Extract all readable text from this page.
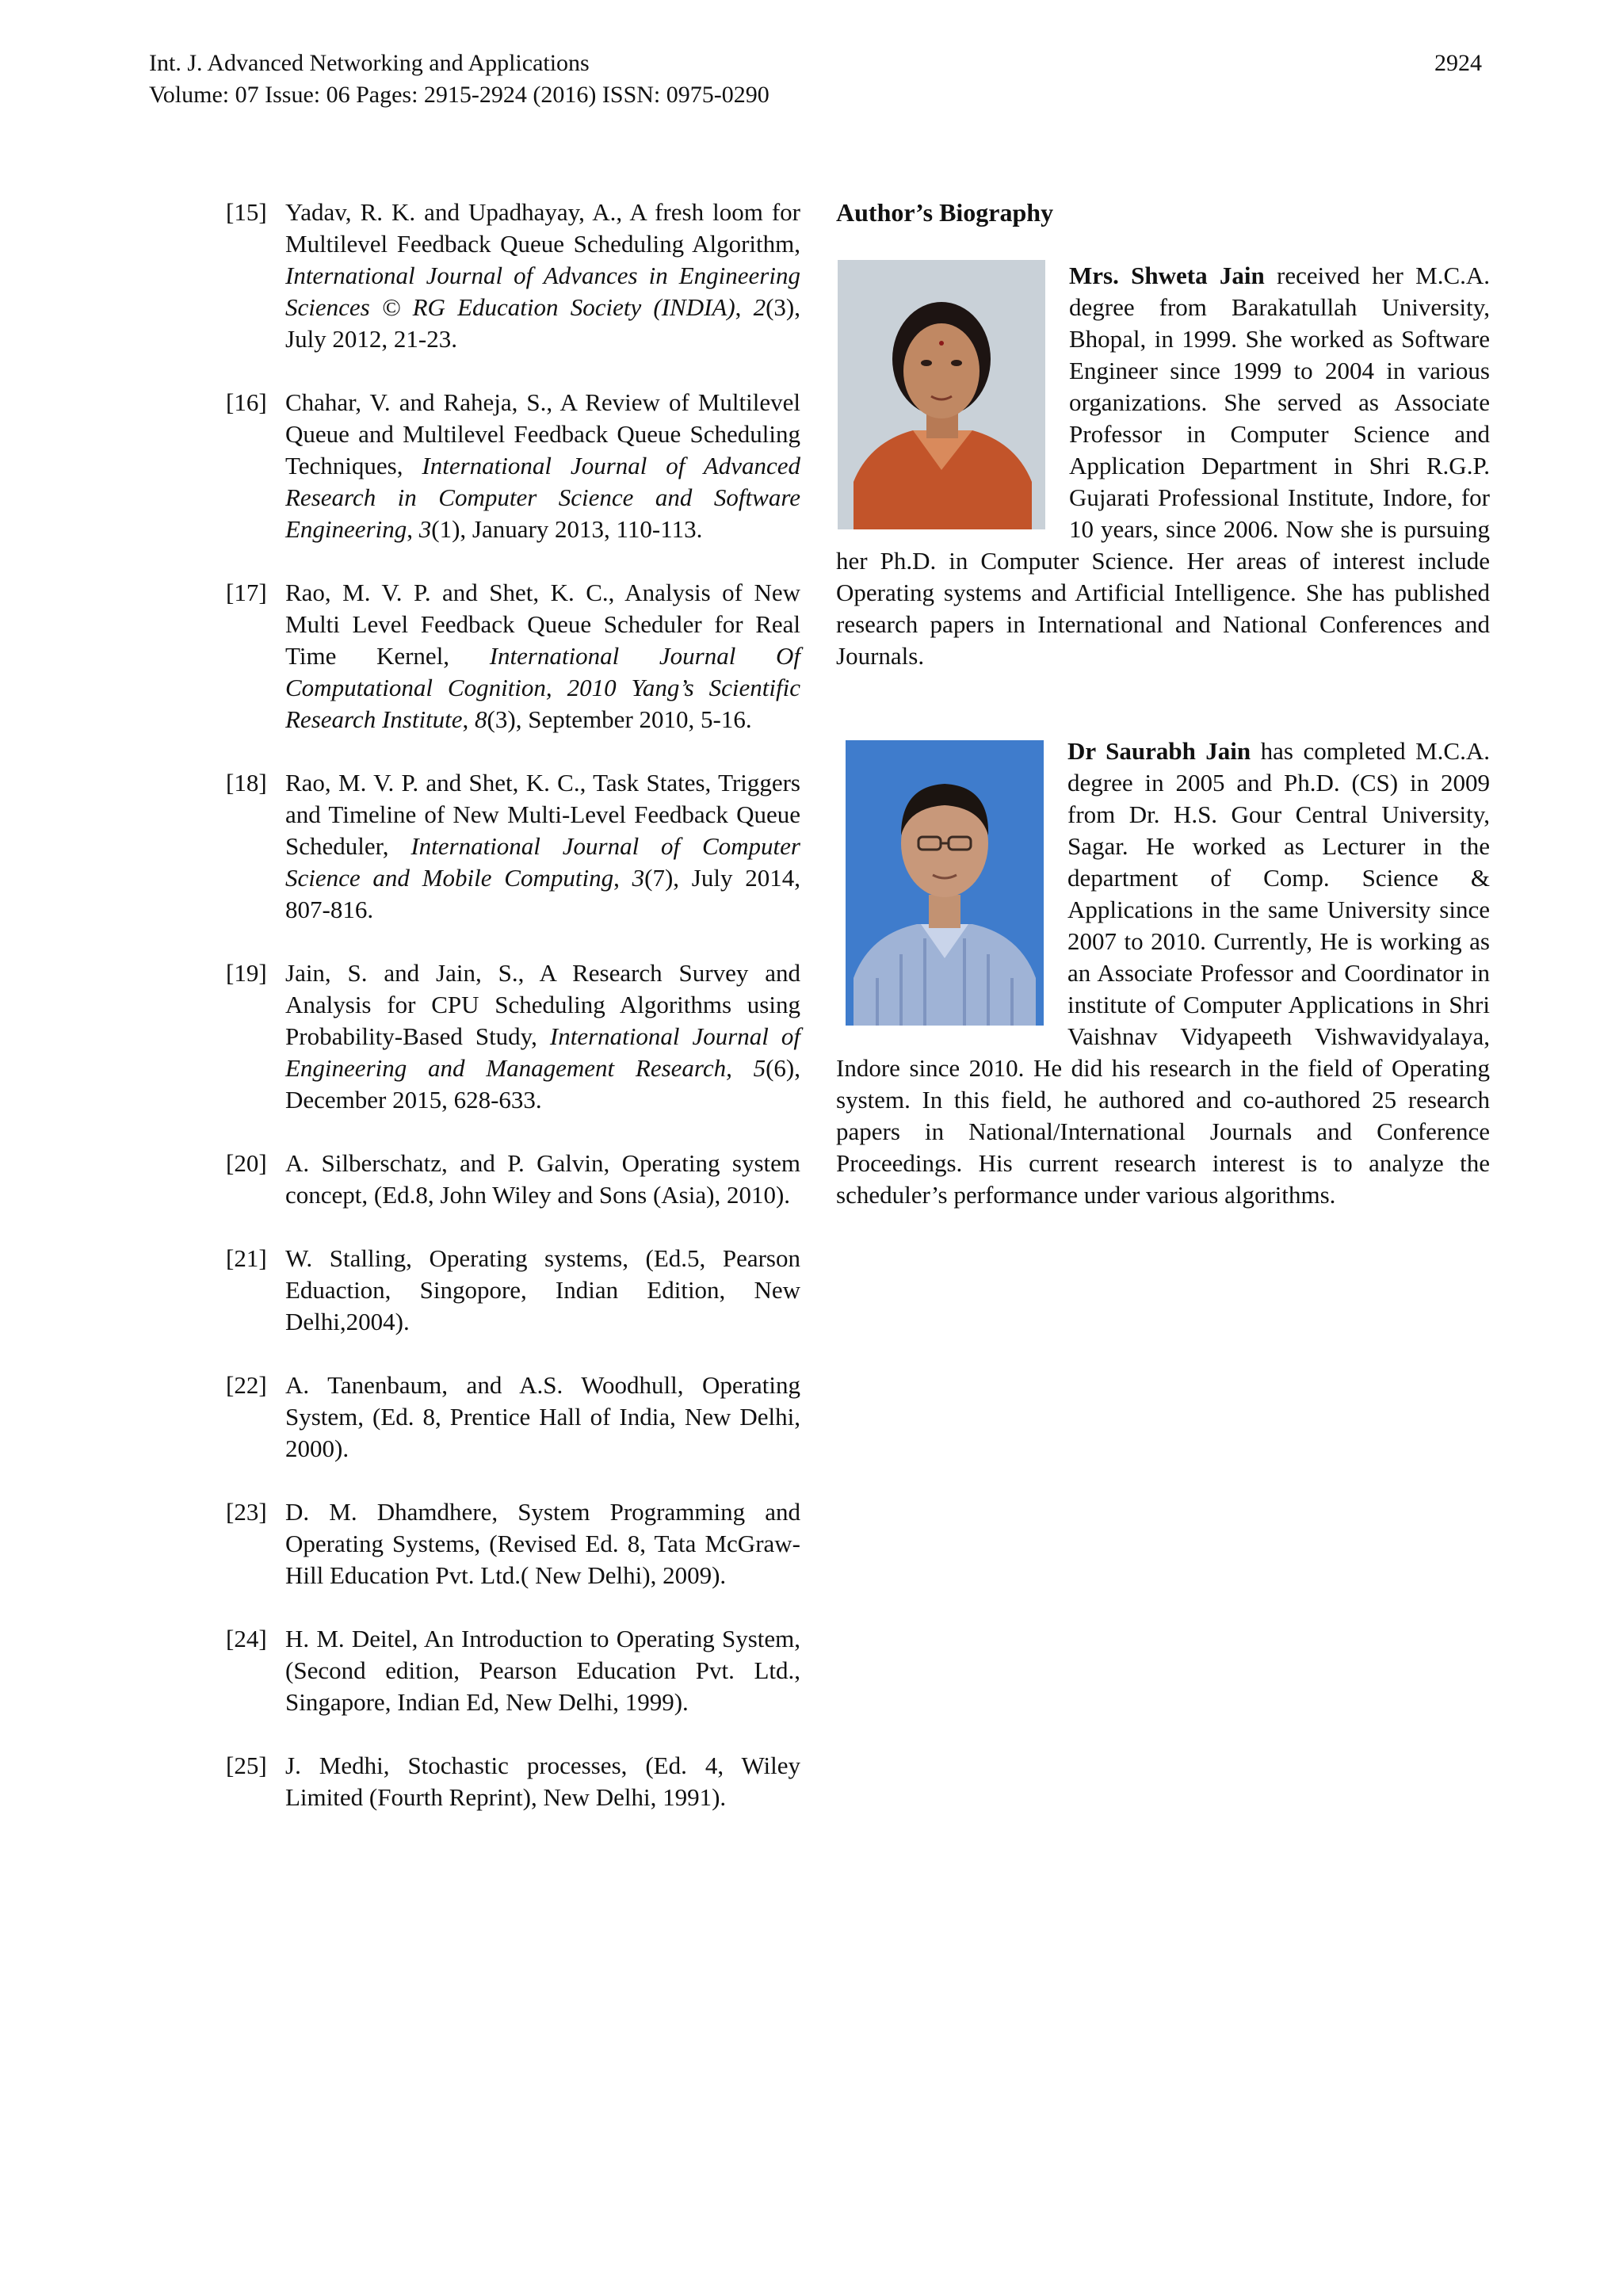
Int. J. Advanced Networking and Applications
Volume: 07 Issue: 06 Pages: 2915-2924 (2016) ISSN: 0975-0290
2924
[15] Yadav, R. K. and Upadhayay, A., A fresh loom for Multilevel Feedback Queue Scheduling Algorithm, International Journal of Advances in Engineering Sciences © RG Education Society (INDIA), 2(3), July 2012, 21-23.
[16] Chahar, V. and Raheja, S., A Review of Multilevel Queue and Multilevel Feedback Queue Scheduling Techniques, International Journal of Advanced Research in Computer Science and Software Engineering, 3(1), January 2013, 110-113.
[17] Rao, M. V. P. and Shet, K. C., Analysis of New Multi Level Feedback Queue Scheduler for Real Time Kernel, International Journal Of Computational Cognition, 2010 Yang’s Scientific Research Institute, 8(3), September 2010, 5-16.
[18] Rao, M. V. P. and Shet, K. C., Task States, Triggers and Timeline of New Multi-Level Feedback Queue Scheduler, International Journal of Computer Science and Mobile Computing, 3(7), July 2014, 807-816.
[19] Jain, S. and Jain, S., A Research Survey and Analysis for CPU Scheduling Algorithms using Probability-Based Study, International Journal of Engineering and Management Research, 5(6), December 2015, 628-633.
[20] A. Silberschatz, and P. Galvin, Operating system concept, (Ed.8, John Wiley and Sons (Asia), 2010).
[21] W. Stalling, Operating systems, (Ed.5, Pearson Eduaction, Singopore, Indian Edition, New Delhi,2004).
[22] A. Tanenbaum, and A.S. Woodhull, Operating System, (Ed. 8, Prentice Hall of India, New Delhi, 2000).
[23] D. M. Dhamdhere, System Programming and Operating Systems, (Revised Ed. 8, Tata McGraw-Hill Education Pvt. Ltd.( New Delhi), 2009).
[24] H. M. Deitel, An Introduction to Operating System, (Second edition, Pearson Education Pvt. Ltd., Singapore, Indian Ed, New Delhi, 1999).
[25] J. Medhi, Stochastic processes, (Ed. 4, Wiley Limited (Fourth Reprint), New Delhi, 1991).
Author’s Biography
Mrs. Shweta Jain received her M.C.A. degree from Barakatullah University, Bhopal, in 1999. She worked as Software Engineer since 1999 to 2004 in various organizations. She served as Associate Professor in Computer Science and Application Department in Shri R.G.P. Gujarati Professional Institute, Indore, for 10 years, since 2006. Now she is pursuing her Ph.D. in Computer Science. Her areas of interest include Operating systems and Artificial Intelligence. She has published research papers in International and National Conferences and Journals.
Dr Saurabh Jain has completed M.C.A. degree in 2005 and Ph.D. (CS) in 2009 from Dr. H.S. Gour Central University, Sagar. He worked as Lecturer in the department of Comp. Science & Applications in the same University since 2007 to 2010. Currently, He is working as an Associate Professor and Coordinator in institute of Computer Applications in Shri Vaishnav Vidyapeeth Vishwavidyalaya, Indore since 2010. He did his research in the field of Operating system. In this field, he authored and co-authored 25 research papers in National/International Journals and Conference Proceedings. His current research interest is to analyze the scheduler’s performance under various algorithms.
